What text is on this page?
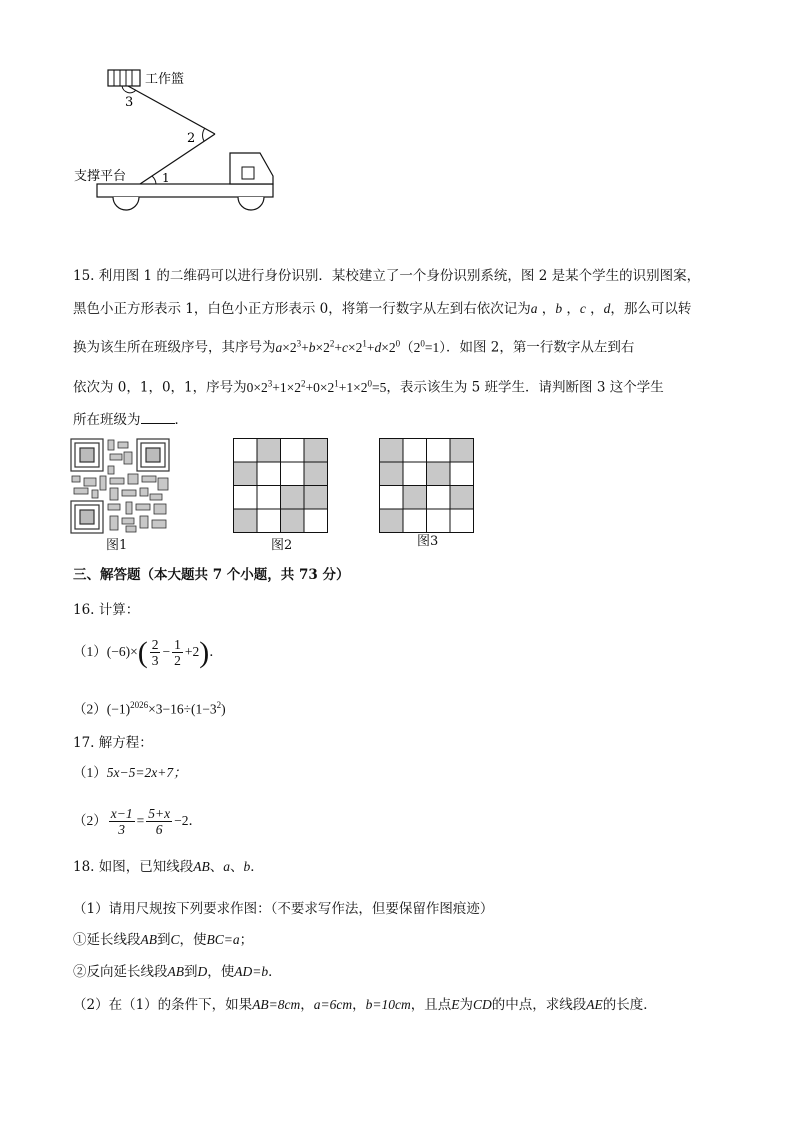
工作篮
支撑平台	1
2
3
15. 利用图 1 的二维码可以进行身份识别．某校建立了一个身份识别系统，图 2 是某个学生的识别图案，
黑色小正方形表示 1，白色小正方形表示 0，将第一行数字从左到右依次记为a ，b ，c ，d，那么可以转
换为该生所在班级序号，其序号为$a\times 2^3+b\times 2^2+c\times 2^1+d\times 2^0(2^0=1)$．如图 2，第一行数字从左到右
依次为 0，1，0，1，序号为$0\times 2^3+1\times 2^2+0\times 2^1+1\times 2^0=5$，表示该生为 5 班学生．请判断图 3 这个学生
所在班级为	．
图1	图2	图3
三、解答题（本大题共 7 个小题，共 73 分）
16. 计算：
$(1)(-6)\times( \frac{2}{3} - \frac{1}{2} +2)$．
$(2)(-1)^{2026}\times 3-16\div(1-3^2)$
17. 解方程：
（1）5x−5=2x+7；
$(2) \frac{x-1}{3} = \frac{5+x}{6} -2$．
18. 如图，已知线段AB、a、b．
（1）请用尺规按下列要求作图：（不要求写作法，但要保留作图痕迹）
①延长线段AB到C，使BC=a；
②反向延长线段AB到D，使AD=b．
（2）在（1）的条件下，如果AB=8cm，a=6cm，b=10cm，且点E为CD的中点，求线段AE的长度．
